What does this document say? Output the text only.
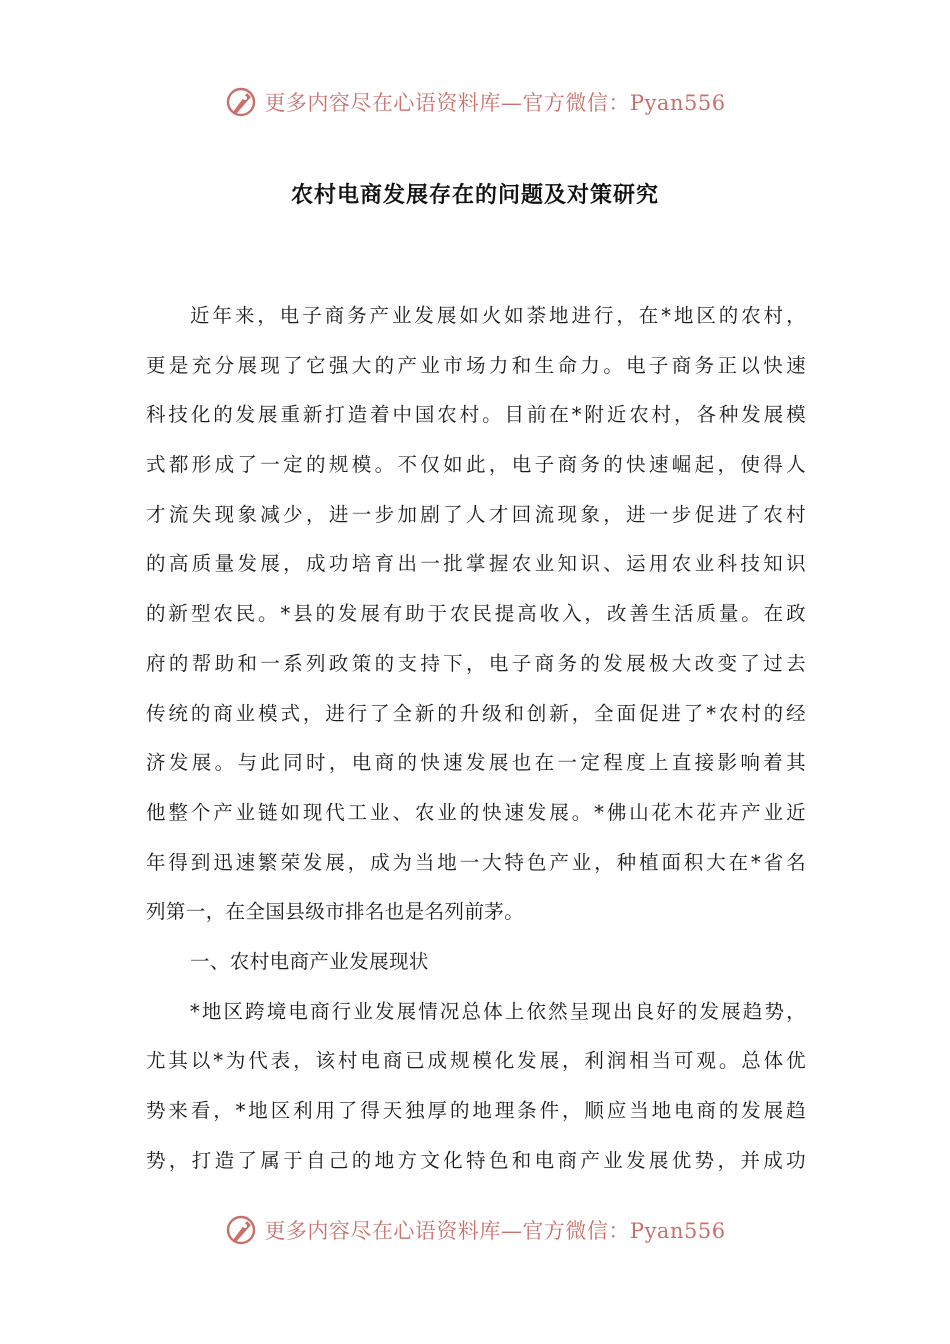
更多内容尽在心语资料库—官方微信：Pyan556
农村电商发展存在的问题及对策研究
近年来，电子商务产业发展如火如荼地进行，在*地区的农村，
更是充分展现了它强大的产业市场力和生命力。电子商务正以快速
科技化的发展重新打造着中国农村。目前在*附近农村，各种发展模
式都形成了一定的规模。不仅如此，电子商务的快速崛起，使得人
才流失现象减少，进一步加剧了人才回流现象，进一步促进了农村
的高质量发展，成功培育出一批掌握农业知识、运用农业科技知识
的新型农民。*县的发展有助于农民提高收入，改善生活质量。在政
府的帮助和一系列政策的支持下，电子商务的发展极大改变了过去
传统的商业模式，进行了全新的升级和创新，全面促进了*农村的经
济发展。与此同时，电商的快速发展也在一定程度上直接影响着其
他整个产业链如现代工业、农业的快速发展。*佛山花木花卉产业近
年得到迅速繁荣发展，成为当地一大特色产业，种植面积大在*省名
列第一，在全国县级市排名也是名列前茅。
一、农村电商产业发展现状
*地区跨境电商行业发展情况总体上依然呈现出良好的发展趋势，
尤其以*为代表，该村电商已成规模化发展，利润相当可观。总体优
势来看，*地区利用了得天独厚的地理条件，顺应当地电商的发展趋
势，打造了属于自己的地方文化特色和电商产业发展优势，并成功
更多内容尽在心语资料库—官方微信：Pyan556
